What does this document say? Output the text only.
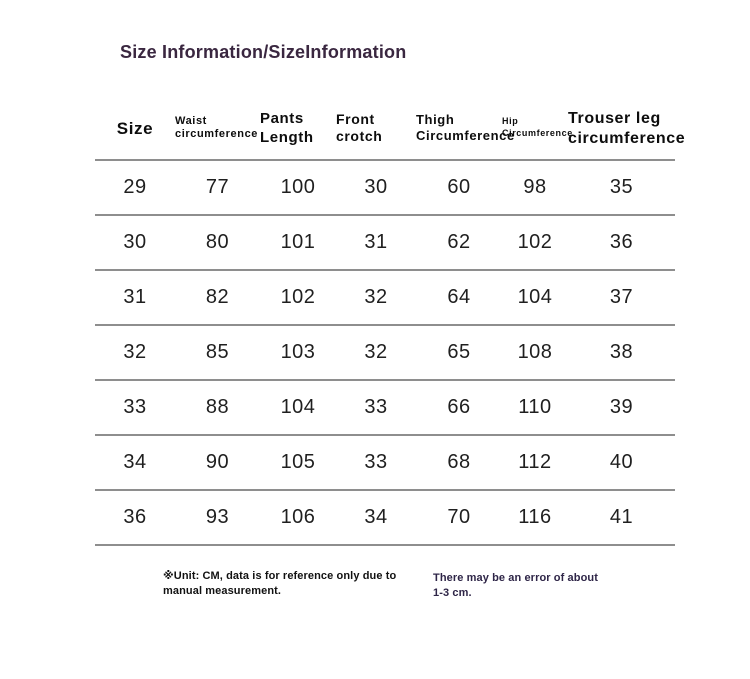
Size Information/SizeInformation
Size	Waist circumference	Pants Length	Front crotch	Thigh Circumference	Hip Circumference	Trouser leg circumference
29	77	100	30	60	98	35
30	80	101	31	62	102	36
31	82	102	32	64	104	37
32	85	103	32	65	108	38
33	88	104	33	66	110	39
34	90	105	33	68	112	40
36	93	106	34	70	116	41

※Unit: CM, data is for reference only due to manual measurement.

There may be an error of about 1-3 cm.
